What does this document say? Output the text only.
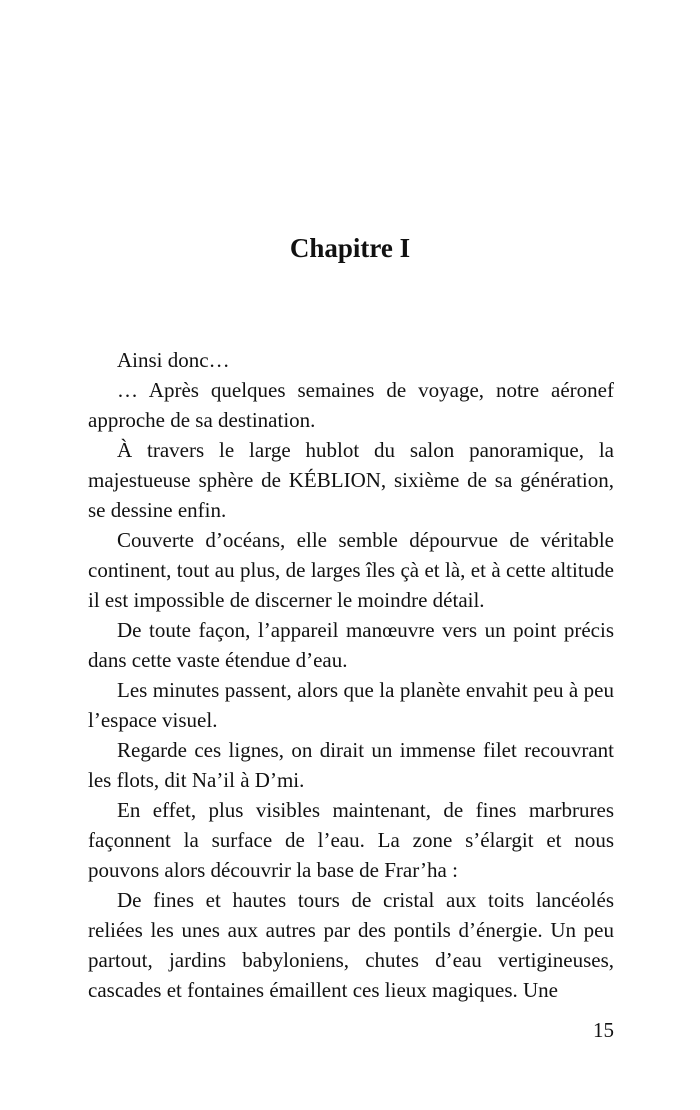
Chapitre I

Ainsi donc…

… Après quelques semaines de voyage, notre aéronef approche de sa destination.

À travers le large hublot du salon panoramique, la majestueuse sphère de KÉBLION, sixième de sa génération, se dessine enfin.

Couverte d’océans, elle semble dépourvue de véritable continent, tout au plus, de larges îles çà et là, et à cette altitude il est impossible de discerner le moindre détail.

De toute façon, l’appareil manœuvre vers un point précis dans cette vaste étendue d’eau.

Les minutes passent, alors que la planète envahit peu à peu l’espace visuel.

Regarde ces lignes, on dirait un immense filet recouvrant les flots, dit Na’il à D’mi.

En effet, plus visibles maintenant, de fines marbrures façonnent la surface de l’eau. La zone s’élargit et nous pouvons alors découvrir la base de Frar’ha :

De fines et hautes tours de cristal aux toits lancéolés reliées les unes aux autres par des pontils d’énergie. Un peu partout, jardins babyloniens, chutes d’eau vertigineuses, cascades et fontaines émaillent ces lieux magiques. Une

15
